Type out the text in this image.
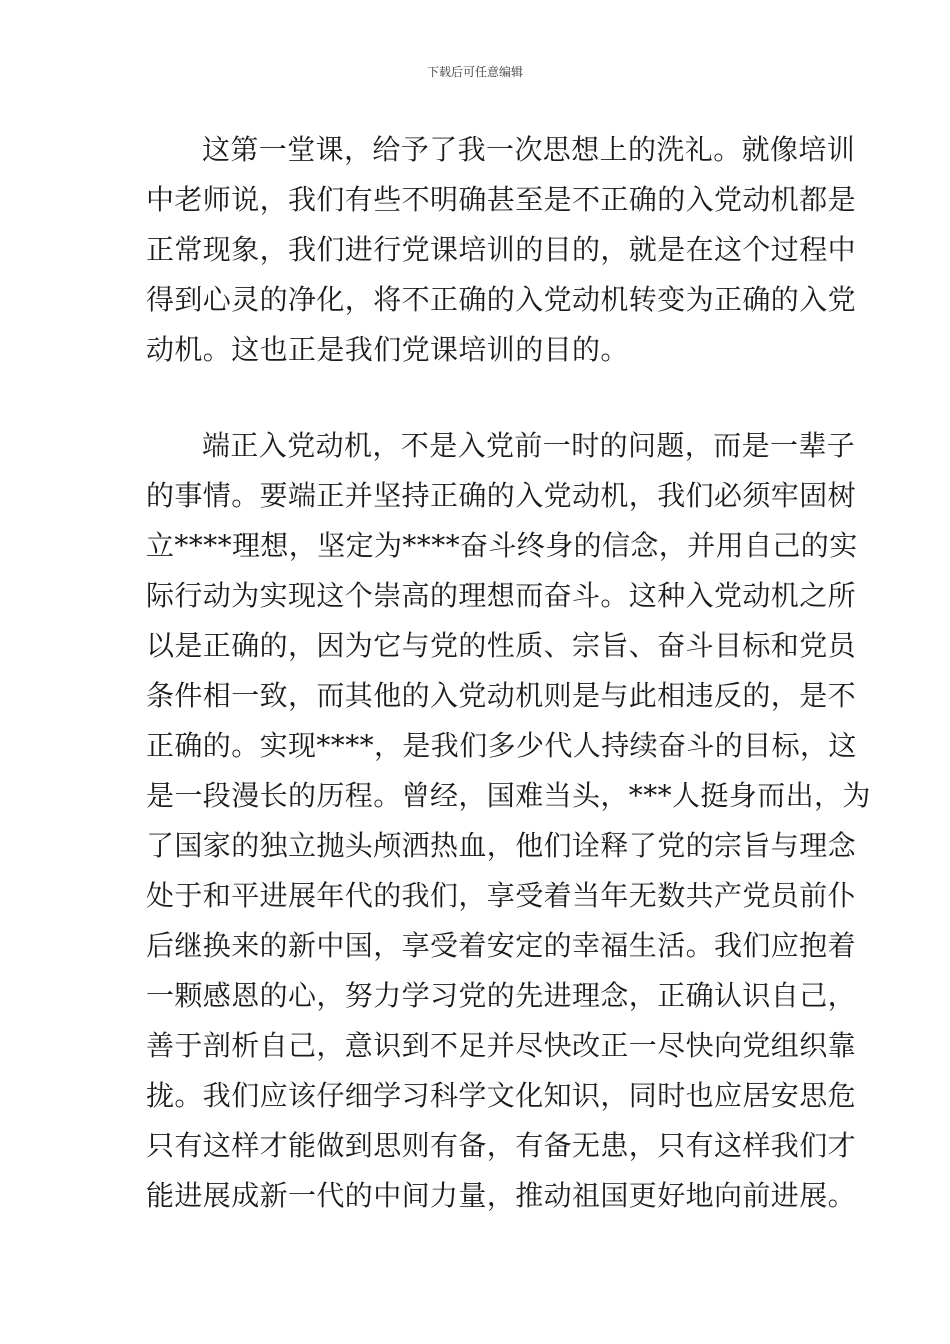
下载后可任意编辑
这第一堂课，给予了我一次思想上的洗礼。就像培训
中老师说，我们有些不明确甚至是不正确的入党动机都是
正常现象，我们进行党课培训的目的，就是在这个过程中
得到心灵的净化，将不正确的入党动机转变为正确的入党
动机。这也正是我们党课培训的目的。
端正入党动机，不是入党前一时的问题，而是一辈子
的事情。要端正并坚持正确的入党动机，我们必须牢固树
立****理想，坚定为****奋斗终身的信念，并用自己的实
际行动为实现这个崇高的理想而奋斗。这种入党动机之所
以是正确的，因为它与党的性质、宗旨、奋斗目标和党员
条件相一致，而其他的入党动机则是与此相违反的，是不
正确的。实现****，是我们多少代人持续奋斗的目标，这
是一段漫长的历程。曾经，国难当头，***人挺身而出，为
了国家的独立抛头颅洒热血，他们诠释了党的宗旨与理念
处于和平进展年代的我们，享受着当年无数共产党员前仆
后继换来的新中国，享受着安定的幸福生活。我们应抱着
一颗感恩的心，努力学习党的先进理念，正确认识自己，
善于剖析自己，意识到不足并尽快改正一尽快向党组织靠
拢。我们应该仔细学习科学文化知识，同时也应居安思危
只有这样才能做到思则有备，有备无患，只有这样我们才
能进展成新一代的中间力量，推动祖国更好地向前进展。
